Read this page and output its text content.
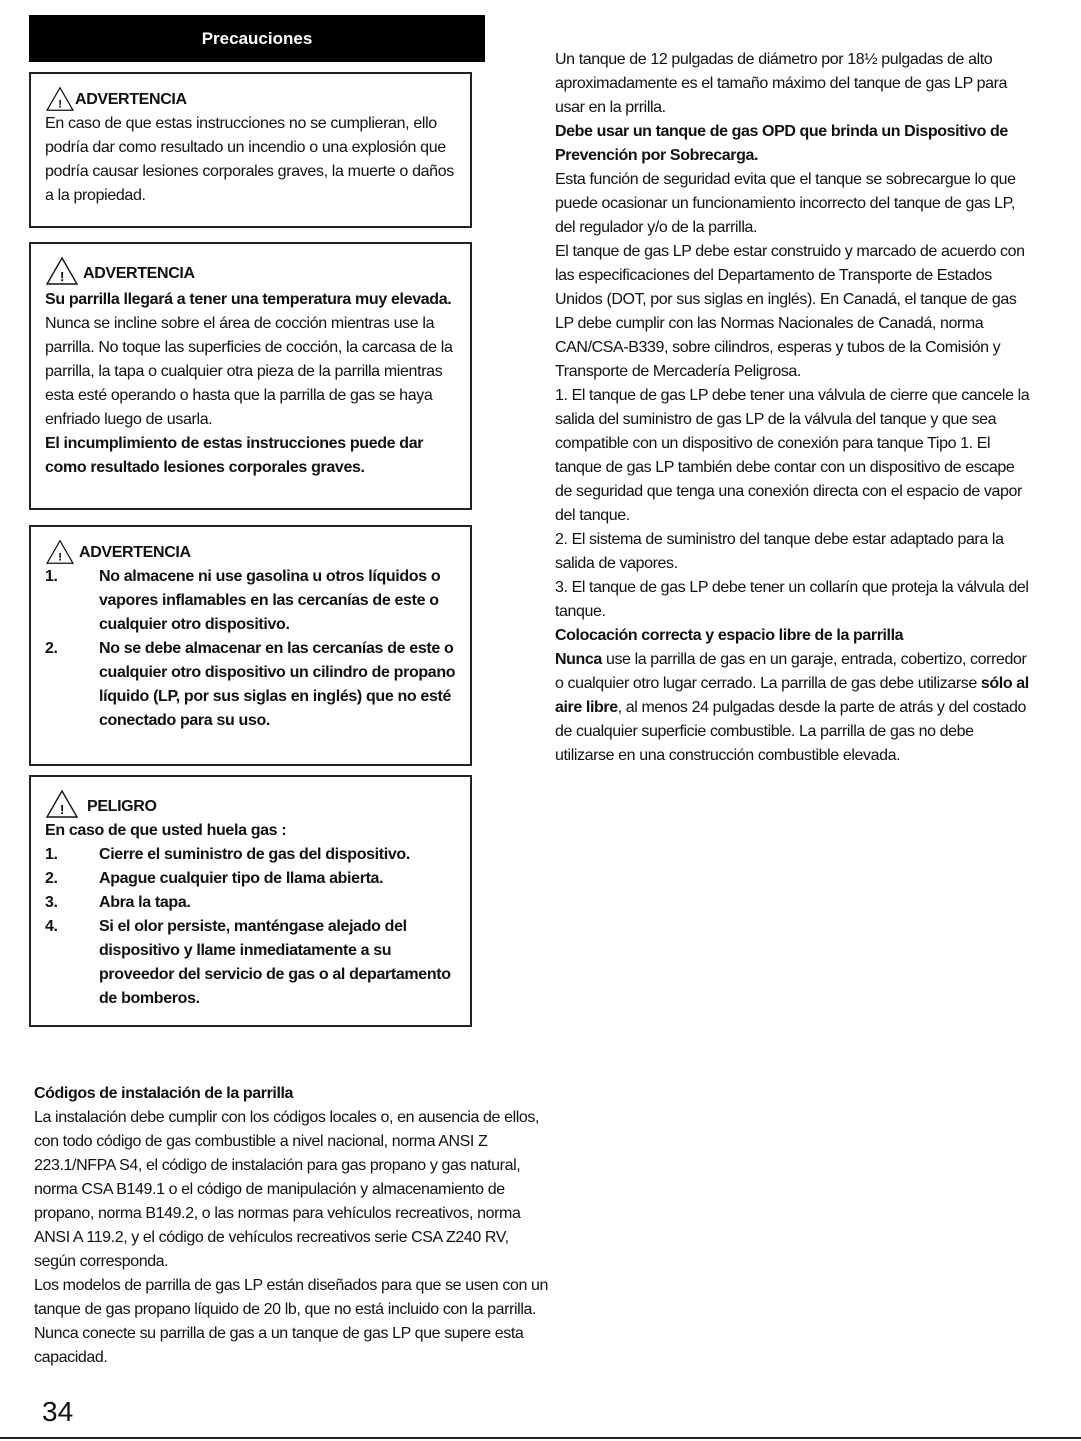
Precauciones
! ADVERTENCIA

En caso de que estas instrucciones no se cumplieran, ello podría dar como resultado un incendio o una explosión que podría causar lesiones corporales graves, la muerte o daños a la propiedad.

! ADVERTENCIA

Su parrilla llegará a tener una temperatura muy elevada. Nunca se incline sobre el área de cocción mientras use la parrilla. No toque las superficies de cocción, la carcasa de la parrilla, la tapa o cualquier otra pieza de la parrilla mientras esta esté operando o hasta que la parrilla de gas se haya enfriado luego de usarla.

El incumplimiento de estas instrucciones puede dar como resultado lesiones corporales graves.

! ADVERTENCIA
1.	No almacene ni use gasolina u otros líquidos o vapores inflamables en las cercanías de este o cualquier otro dispositivo.
2.	No se debe almacenar en las cercanías de este o cualquier otro dispositivo un cilindro de propano líquido (LP, por sus siglas en inglés) que no esté conectado para su uso.
! PELIGRO

En caso de que usted huela gas :

1.	Cierre el suministro de gas del dispositivo.
2.	Apague cualquier tipo de llama abierta.
3.	Abra la tapa.
4.	Si el olor persiste, manténgase alejado del dispositivo y llame inmediatamente a su proveedor del servicio de gas o al departamento de bomberos.

Un tanque de 12 pulgadas de diámetro por 18½ pulgadas de alto aproximadamente es el tamaño máximo del tanque de gas LP para usar en la prrilla.

Debe usar un tanque de gas OPD que brinda un Dispositivo de Prevención por Sobrecarga.

Esta función de seguridad evita que el tanque se sobrecargue lo que puede ocasionar un funcionamiento incorrecto del tanque de gas LP, del regulador y/o de la parrilla.

El tanque de gas LP debe estar construido y marcado de acuerdo con las especificaciones del Departamento de Transporte de Estados Unidos (DOT, por sus siglas en inglés). En Canadá, el tanque de gas LP debe cumplir con las Normas Nacionales de Canadá, norma CAN/CSA-B339, sobre cilindros, esperas y tubos de la Comisión y Transporte de Mercadería Peligrosa.

1. El tanque de gas LP debe tener una válvula de cierre que cancele la salida del suministro de gas LP de la válvula del tanque y que sea compatible con un dispositivo de conexión para tanque Tipo 1. El tanque de gas LP también debe contar con un dispositivo de escape de seguridad que tenga una conexión directa con el espacio de vapor del tanque.

2. El sistema de suministro del tanque debe estar adaptado para la salida de vapores.

3. El tanque de gas LP debe tener un collarín que proteja la válvula del tanque.

Colocación correcta y espacio libre de la parrilla

Nunca use la parrilla de gas en un garaje, entrada, cobertizo, corredor o cualquier otro lugar cerrado. La parrilla de gas debe utilizarse sólo al aire libre, al menos 24 pulgadas desde la parte de atrás y del costado de cualquier superficie combustible. La parrilla de gas no debe utilizarse en una construcción combustible elevada.

Códigos de instalación de la parrilla

La instalación debe cumplir con los códigos locales o, en ausencia de ellos, con todo código de gas combustible a nivel nacional, norma ANSI Z 223.1/NFPA S4, el código de instalación para gas propano y gas natural, norma CSA B149.1 o el código de manipulación y almacenamiento de propano, norma B149.2, o las normas para vehículos recreativos, norma ANSI A 119.2, y el código de vehículos recreativos serie CSA Z240 RV, según corresponda.

Los modelos de parrilla de gas LP están diseñados para que se usen con un tanque de gas propano líquido de 20 lb, que no está incluido con la parrilla. Nunca conecte su parrilla de gas a un tanque de gas LP que supere esta capacidad.

34
